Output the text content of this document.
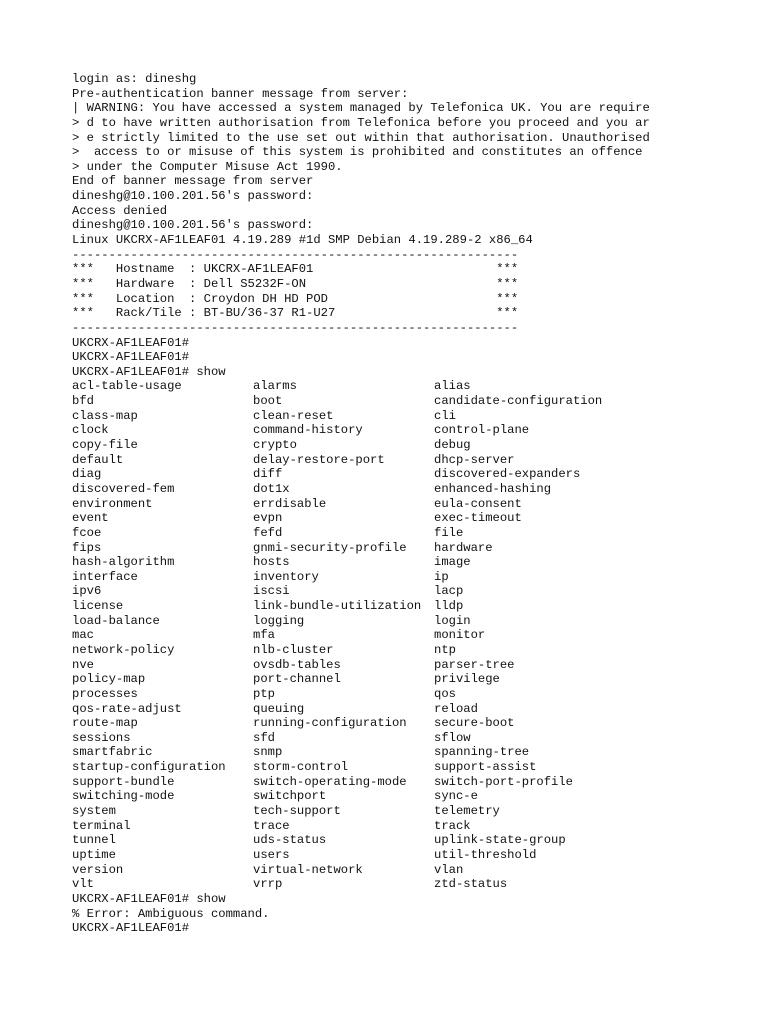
login as: dineshg
Pre-authentication banner message from server:
| WARNING: You have accessed a system managed by Telefonica UK. You are require
> d to have written authorisation from Telefonica before you proceed and you ar
> e strictly limited to the use set out within that authorisation. Unauthorised
>  access to or misuse of this system is prohibited and constitutes an offence
> under the Computer Misuse Act 1990.
End of banner message from server
dineshg@10.100.201.56's password:
Access denied
dineshg@10.100.201.56's password:
Linux UKCRX-AF1LEAF01 4.19.289 #1d SMP Debian 4.19.289-2 x86_64
-------------------------------------------------------------
***   Hostname  : UKCRX-AF1LEAF01                         ***
***   Hardware  : Dell S5232F-ON                          ***
***   Location  : Croydon DH HD POD                       ***
***   Rack/Tile : BT-BU/36-37 R1-U27                      ***
-------------------------------------------------------------
UKCRX-AF1LEAF01#
UKCRX-AF1LEAF01#
UKCRX-AF1LEAF01# show
acl-table-usage	alarms	alias
bfd	boot	candidate-configuration
class-map	clean-reset	cli
clock	command-history	control-plane
copy-file	crypto	debug
default	delay-restore-port	dhcp-server
diag	diff	discovered-expanders
discovered-fem	dot1x	enhanced-hashing
environment	errdisable	eula-consent
event	evpn	exec-timeout
fcoe	fefd	file
fips	gnmi-security-profile	hardware
hash-algorithm	hosts	image
interface	inventory	ip
ipv6	iscsi	lacp
license	link-bundle-utilization	lldp
load-balance	logging	login
mac	mfa	monitor
network-policy	nlb-cluster	ntp
nve	ovsdb-tables	parser-tree
policy-map	port-channel	privilege
processes	ptp	qos
qos-rate-adjust	queuing	reload
route-map	running-configuration	secure-boot
sessions	sfd	sflow
smartfabric	snmp	spanning-tree
startup-configuration	storm-control	support-assist
support-bundle	switch-operating-mode	switch-port-profile
switching-mode	switchport	sync-e
system	tech-support	telemetry
terminal	trace	track
tunnel	uds-status	uplink-state-group
uptime	users	util-threshold
version	virtual-network	vlan
vlt	vrrp	ztd-status
UKCRX-AF1LEAF01# show
% Error: Ambiguous command.
UKCRX-AF1LEAF01#
